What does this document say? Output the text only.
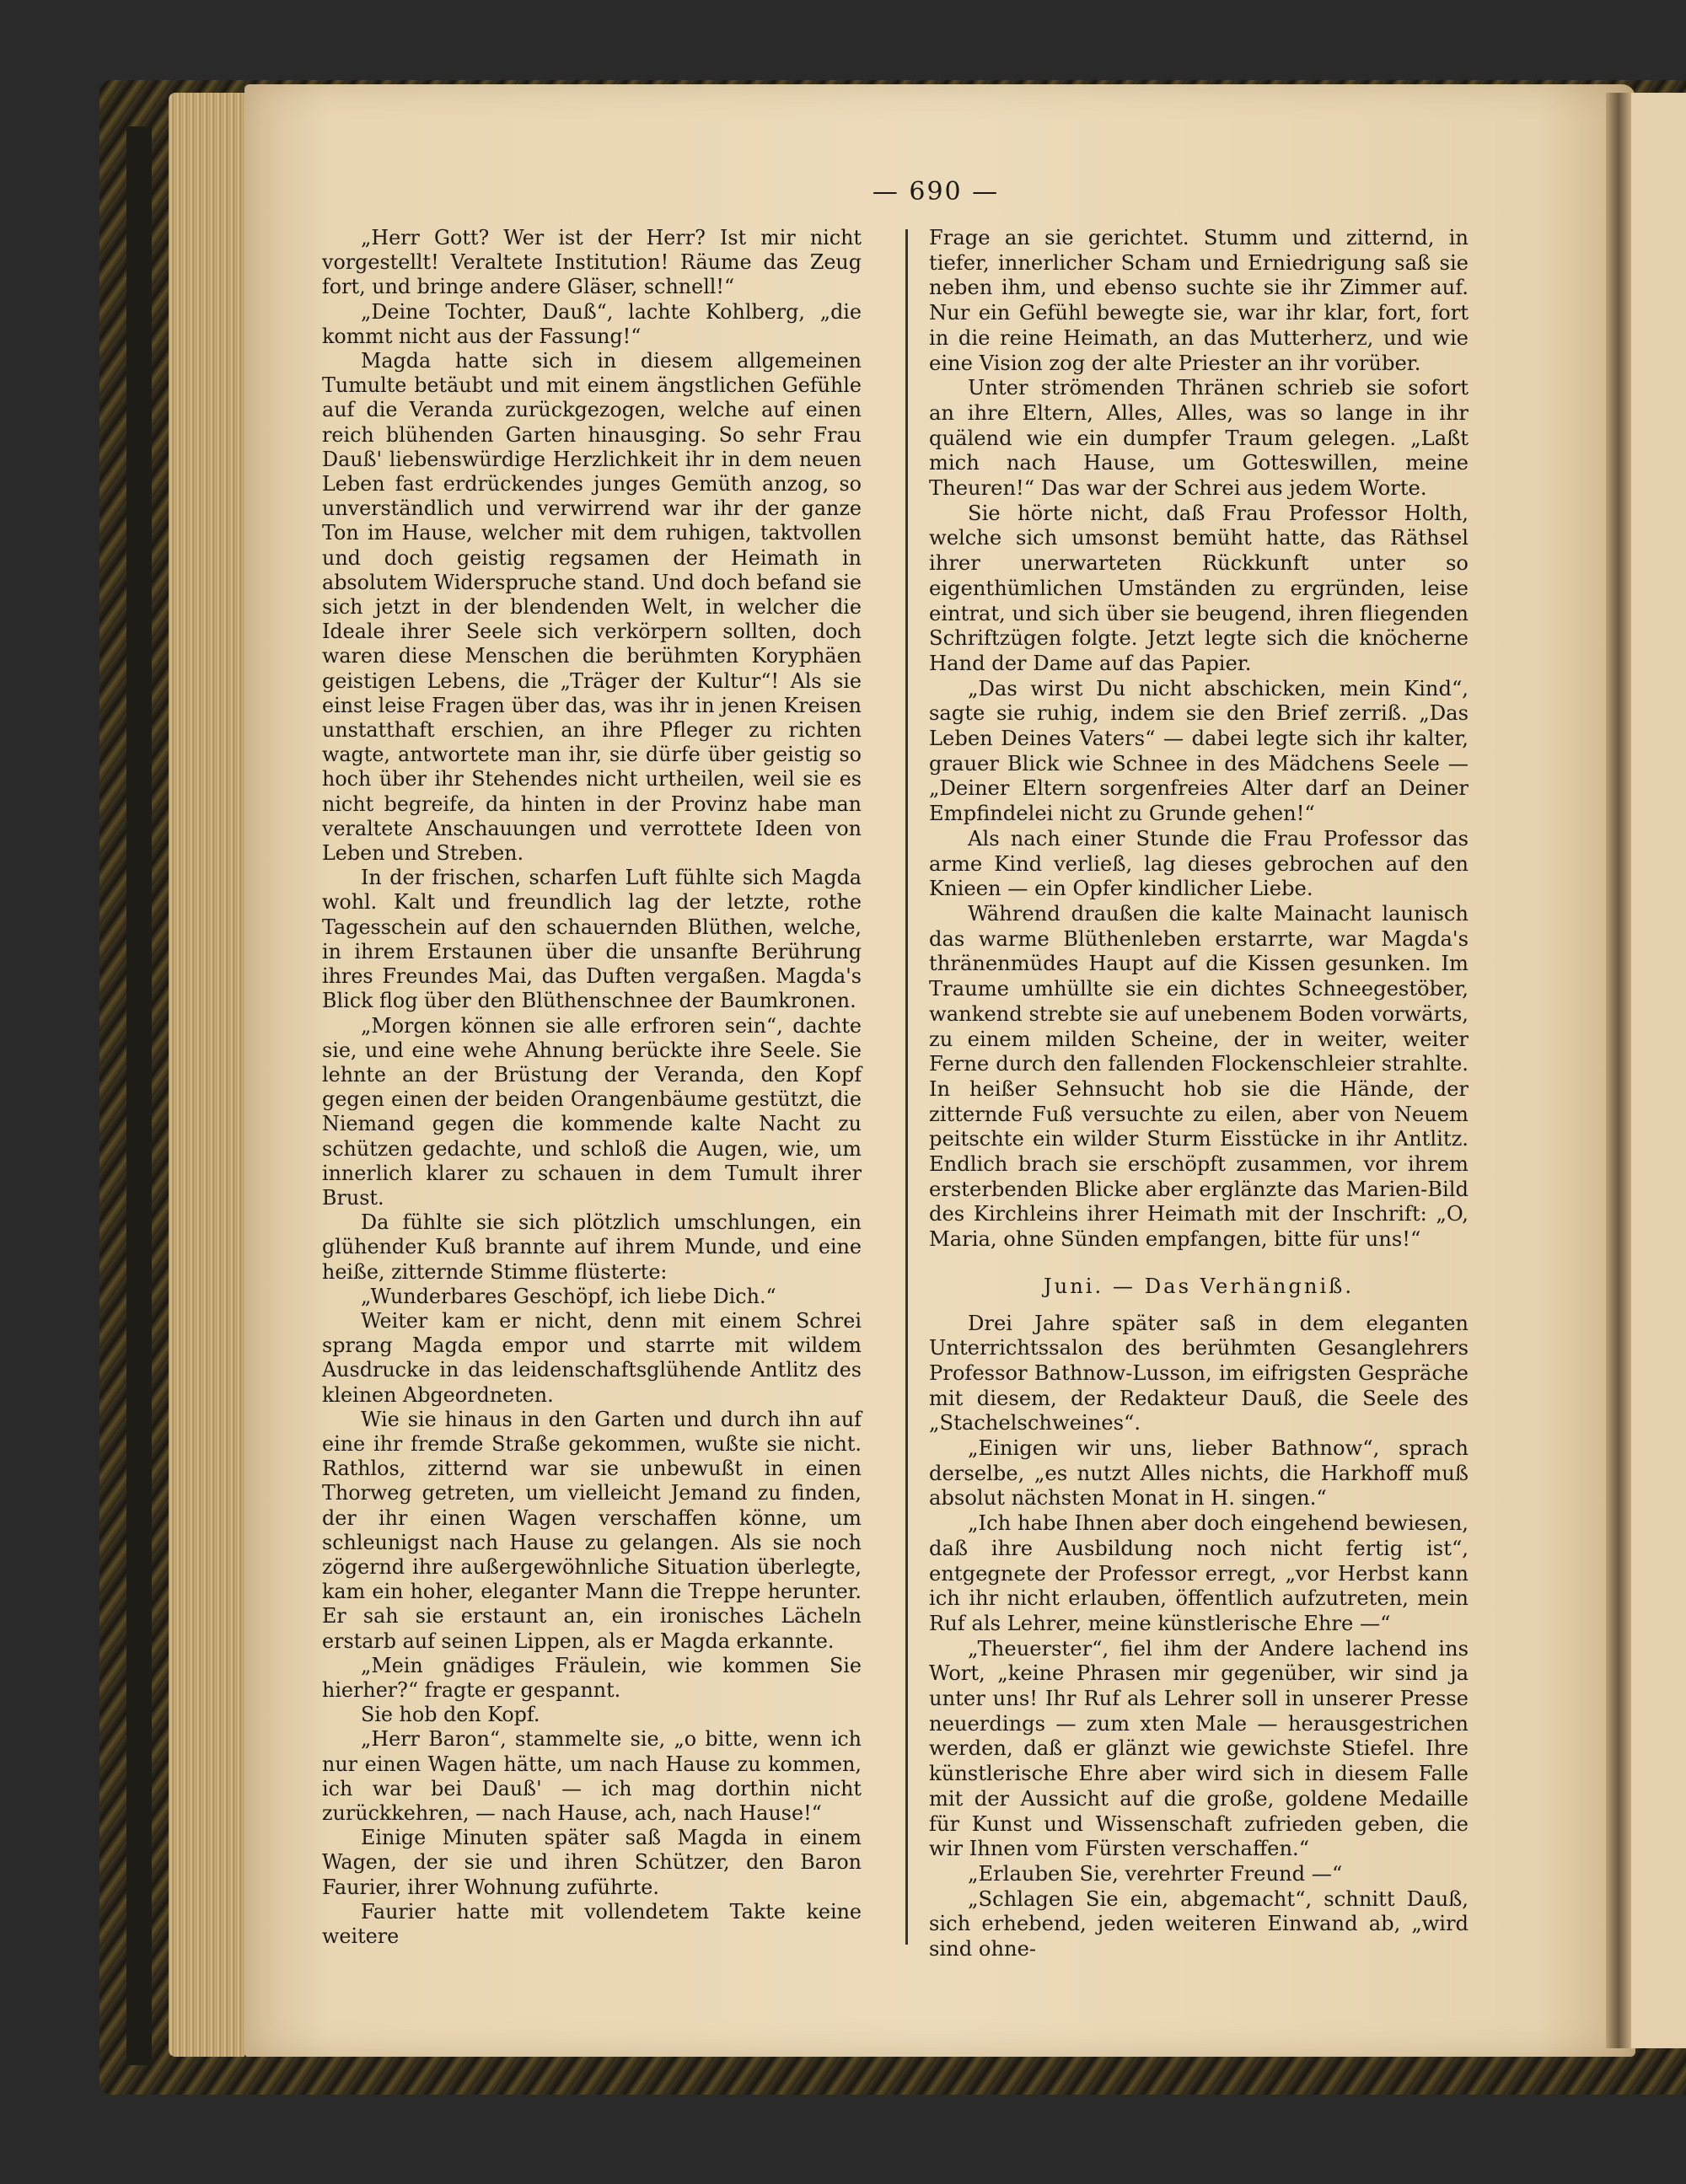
— 690 —

„Herr Gott? Wer ist der Herr? Ist mir nicht vorgestellt! Veraltete Institution! Räume das Zeug fort, und bringe andere Gläser, schnell!“

„Deine Tochter, Dauß“, lachte Kohlberg, „die kommt nicht aus der Fassung!“

Magda hatte sich in diesem allgemeinen Tumulte betäubt und mit einem ängstlichen Gefühle auf die Veranda zurückgezogen, welche auf einen reich blühenden Garten hinausging. So sehr Frau Dauß' liebenswürdige Herzlichkeit ihr in dem neuen Leben fast erdrückendes junges Gemüth anzog, so unverständlich und verwirrend war ihr der ganze Ton im Hause, welcher mit dem ruhigen, taktvollen und doch geistig regsamen der Heimath in absolutem Widerspruche stand. Und doch befand sie sich jetzt in der blendenden Welt, in welcher die Ideale ihrer Seele sich verkörpern sollten, doch waren diese Menschen die berühmten Koryphäen geistigen Lebens, die „Träger der Kultur“! Als sie einst leise Fragen über das, was ihr in jenen Kreisen unstatthaft erschien, an ihre Pfleger zu richten wagte, antwortete man ihr, sie dürfe über geistig so hoch über ihr Stehendes nicht urtheilen, weil sie es nicht begreife, da hinten in der Provinz habe man veraltete Anschauungen und verrottete Ideen von Leben und Streben.

In der frischen, scharfen Luft fühlte sich Magda wohl. Kalt und freundlich lag der letzte, rothe Tagesschein auf den schauernden Blüthen, welche, in ihrem Erstaunen über die unsanfte Berührung ihres Freundes Mai, das Duften vergaßen. Magda's Blick flog über den Blüthenschnee der Baumkronen.

„Morgen können sie alle erfroren sein“, dachte sie, und eine wehe Ahnung berückte ihre Seele. Sie lehnte an der Brüstung der Veranda, den Kopf gegen einen der beiden Orangenbäume gestützt, die Niemand gegen die kommende kalte Nacht zu schützen gedachte, und schloß die Augen, wie, um innerlich klarer zu schauen in dem Tumult ihrer Brust.

Da fühlte sie sich plötzlich umschlungen, ein glühender Kuß brannte auf ihrem Munde, und eine heiße, zitternde Stimme flüsterte:

„Wunderbares Geschöpf, ich liebe Dich.“

Weiter kam er nicht, denn mit einem Schrei sprang Magda empor und starrte mit wildem Ausdrucke in das leidenschaftsglühende Antlitz des kleinen Abgeordneten.

Wie sie hinaus in den Garten und durch ihn auf eine ihr fremde Straße gekommen, wußte sie nicht. Rathlos, zitternd war sie unbewußt in einen Thorweg getreten, um vielleicht Jemand zu finden, der ihr einen Wagen verschaffen könne, um schleunigst nach Hause zu gelangen. Als sie noch zögernd ihre außergewöhnliche Situation überlegte, kam ein hoher, eleganter Mann die Treppe herunter. Er sah sie erstaunt an, ein ironisches Lächeln erstarb auf seinen Lippen, als er Magda erkannte.

„Mein gnädiges Fräulein, wie kommen Sie hierher?“ fragte er gespannt.

Sie hob den Kopf.

„Herr Baron“, stammelte sie, „o bitte, wenn ich nur einen Wagen hätte, um nach Hause zu kommen, ich war bei Dauß' — ich mag dorthin nicht zurückkehren, — nach Hause, ach, nach Hause!“

Einige Minuten später saß Magda in einem Wagen, der sie und ihren Schützer, den Baron Faurier, ihrer Wohnung zuführte.

Faurier hatte mit vollendetem Takte keine weitere

Frage an sie gerichtet. Stumm und zitternd, in tiefer, innerlicher Scham und Erniedrigung saß sie neben ihm, und ebenso suchte sie ihr Zimmer auf. Nur ein Gefühl bewegte sie, war ihr klar, fort, fort in die reine Heimath, an das Mutterherz, und wie eine Vision zog der alte Priester an ihr vorüber.

Unter strömenden Thränen schrieb sie sofort an ihre Eltern, Alles, Alles, was so lange in ihr quälend wie ein dumpfer Traum gelegen. „Laßt mich nach Hause, um Gotteswillen, meine Theuren!“ Das war der Schrei aus jedem Worte.

Sie hörte nicht, daß Frau Professor Holth, welche sich umsonst bemüht hatte, das Räthsel ihrer unerwarteten Rückkunft unter so eigenthümlichen Umständen zu ergründen, leise eintrat, und sich über sie beugend, ihren fliegenden Schriftzügen folgte. Jetzt legte sich die knöcherne Hand der Dame auf das Papier.

„Das wirst Du nicht abschicken, mein Kind“, sagte sie ruhig, indem sie den Brief zerriß. „Das Leben Deines Vaters“ — dabei legte sich ihr kalter, grauer Blick wie Schnee in des Mädchens Seele — „Deiner Eltern sorgenfreies Alter darf an Deiner Empfindelei nicht zu Grunde gehen!“

Als nach einer Stunde die Frau Professor das arme Kind verließ, lag dieses gebrochen auf den Knieen — ein Opfer kindlicher Liebe.

Während draußen die kalte Mainacht launisch das warme Blüthenleben erstarrte, war Magda's thränenmüdes Haupt auf die Kissen gesunken. Im Traume umhüllte sie ein dichtes Schneegestöber, wankend strebte sie auf unebenem Boden vorwärts, zu einem milden Scheine, der in weiter, weiter Ferne durch den fallenden Flockenschleier strahlte. In heißer Sehnsucht hob sie die Hände, der zitternde Fuß versuchte zu eilen, aber von Neuem peitschte ein wilder Sturm Eisstücke in ihr Antlitz. Endlich brach sie erschöpft zusammen, vor ihrem ersterbenden Blicke aber erglänzte das Marien-Bild des Kirchleins ihrer Heimath mit der Inschrift: „O, Maria, ohne Sünden empfangen, bitte für uns!“

Juni. — Das Verhängniß.

Drei Jahre später saß in dem eleganten Unterrichtssalon des berühmten Gesanglehrers Professor Bathnow-Lusson, im eifrigsten Gespräche mit diesem, der Redakteur Dauß, die Seele des „Stachelschweines“.

„Einigen wir uns, lieber Bathnow“, sprach derselbe, „es nutzt Alles nichts, die Harkhoff muß absolut nächsten Monat in H. singen.“

„Ich habe Ihnen aber doch eingehend bewiesen, daß ihre Ausbildung noch nicht fertig ist“, entgegnete der Professor erregt, „vor Herbst kann ich ihr nicht erlauben, öffentlich aufzutreten, mein Ruf als Lehrer, meine künstlerische Ehre —“

„Theuerster“, fiel ihm der Andere lachend ins Wort, „keine Phrasen mir gegenüber, wir sind ja unter uns! Ihr Ruf als Lehrer soll in unserer Presse neuerdings — zum xten Male — herausgestrichen werden, daß er glänzt wie gewichste Stiefel. Ihre künstlerische Ehre aber wird sich in diesem Falle mit der Aussicht auf die große, goldene Medaille für Kunst und Wissenschaft zufrieden geben, die wir Ihnen vom Fürsten verschaffen.“

„Erlauben Sie, verehrter Freund —“

„Schlagen Sie ein, abgemacht“, schnitt Dauß, sich erhebend, jeden weiteren Einwand ab, „wird sind ohne-
